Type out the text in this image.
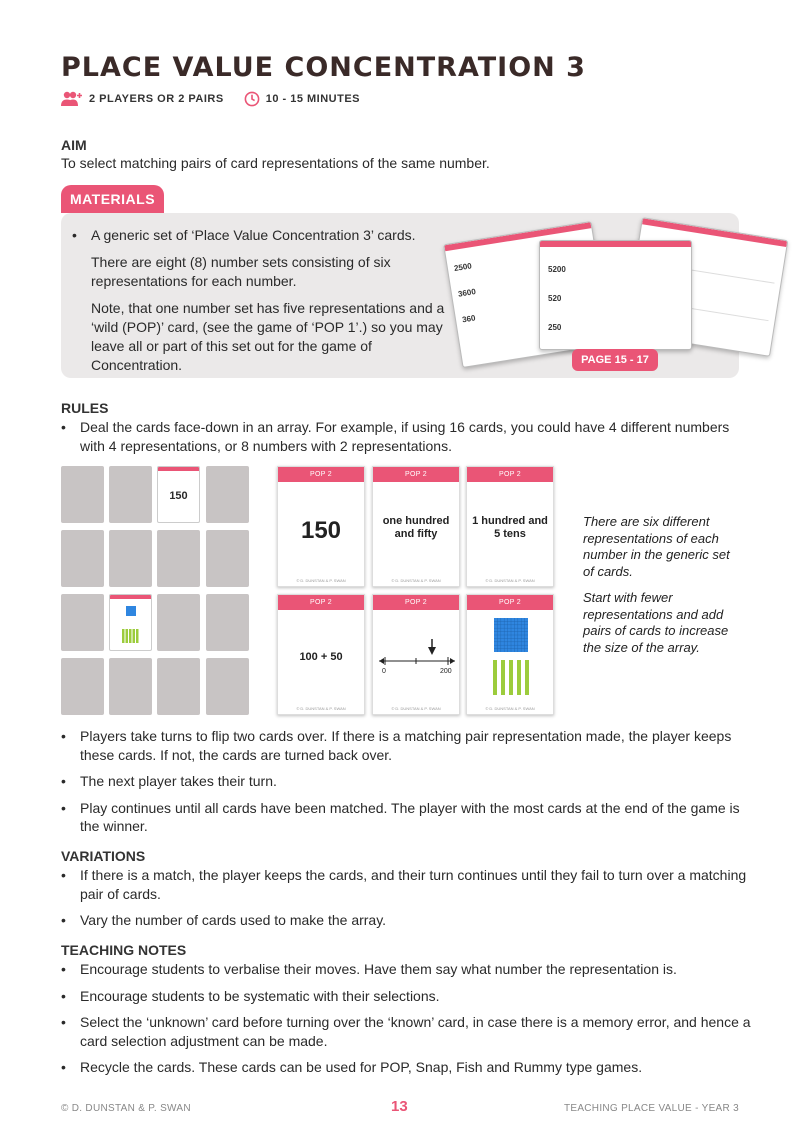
PLACE VALUE CONCENTRATION 3
2 PLAYERS OR 2 PAIRS	10 - 15 MINUTES
AIM
To select matching pairs of card representations of the same number.
MATERIALS
•	A generic set of ‘Place Value Concentration 3’ cards.
There are eight (8) number sets consisting of six representations for each number.
Note, that one number set has five representations and a ‘wild (POP)’ card, (see the game of ‘POP 1’.) so you may leave all or part of this set out for the game of Concentration.
2500
3600
360
5200
520
250
PAGE 15 - 17
RULES
•	Deal the cards face-down in an array. For example, if using 16 cards, you could have 4 different numbers with 4 representations, or 8 numbers with 2 representations.
150
POP 2
150
© D. DUNSTAN & P. SWAN
POP 2
one hundred and fifty
© D. DUNSTAN & P. SWAN
POP 2
1 hundred and 5 tens
© D. DUNSTAN & P. SWAN
POP 2
100 + 50
© D. DUNSTAN & P. SWAN
POP 2
0	200
© D. DUNSTAN & P. SWAN
POP 2
© D. DUNSTAN & P. SWAN
There are six different representations of each number in the generic set of cards.
Start with fewer representations and add pairs of cards to increase the size of the array.
•	Players take turns to flip two cards over. If there is a matching pair representation made, the player keeps these cards. If not, the cards are turned back over.
•	The next player takes their turn.
•	Play continues until all cards have been matched. The player with the most cards at the end of the game is the winner.
VARIATIONS
•	If there is a match, the player keeps the cards, and their turn continues until they fail to turn over a matching pair of cards.
•	Vary the number of cards used to make the array.
TEACHING NOTES
•	Encourage students to verbalise their moves. Have them say what number the representation is.
•	Encourage students to be systematic with their selections.
•	Select the ‘unknown’ card before turning over the ‘known’ card, in case there is a memory error, and hence a card selection adjustment can be made.
•	Recycle the cards. These cards can be used for POP, Snap, Fish and Rummy type games.
© D. DUNSTAN & P. SWAN	13	TEACHING PLACE VALUE - YEAR 3
